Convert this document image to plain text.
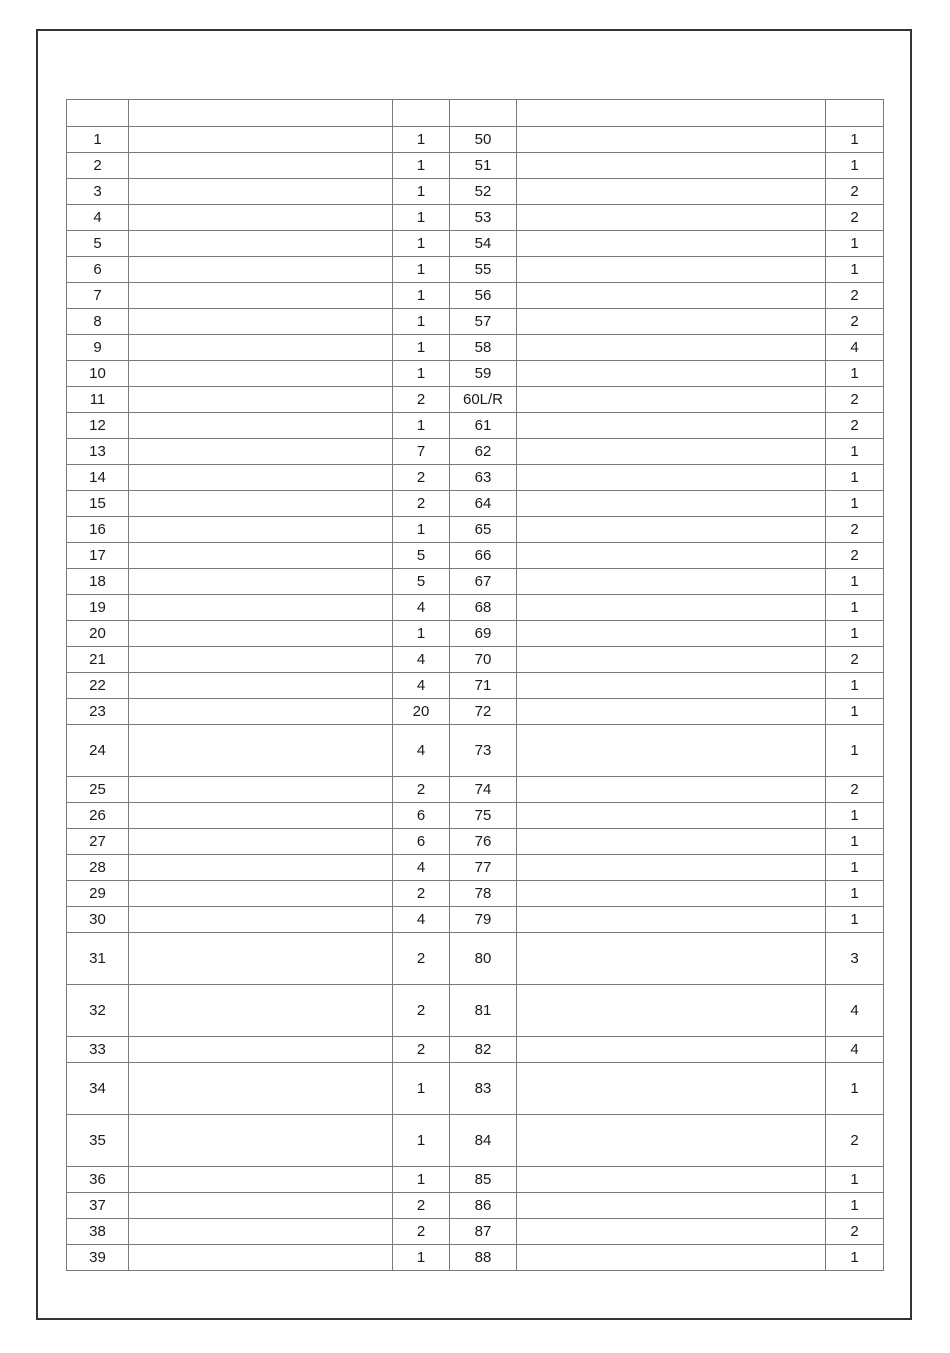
1		1	50		1
2		1	51		1
3		1	52		2
4		1	53		2
5		1	54		1
6		1	55		1
7		1	56		2
8		1	57		2
9		1	58		4
10		1	59		1
11		2	60L/R		2
12		1	61		2
13		7	62		1
14		2	63		1
15		2	64		1
16		1	65		2
17		5	66		2
18		5	67		1
19		4	68		1
20		1	69		1
21		4	70		2
22		4	71		1
23		20	72		1
24		4	73		1
25		2	74		2
26		6	75		1
27		6	76		1
28		4	77		1
29		2	78		1
30		4	79		1
31		2	80		3
32		2	81		4
33		2	82		4
34		1	83		1
35		1	84		2
36		1	85		1
37		2	86		1
38		2	87		2
39		1	88		1
